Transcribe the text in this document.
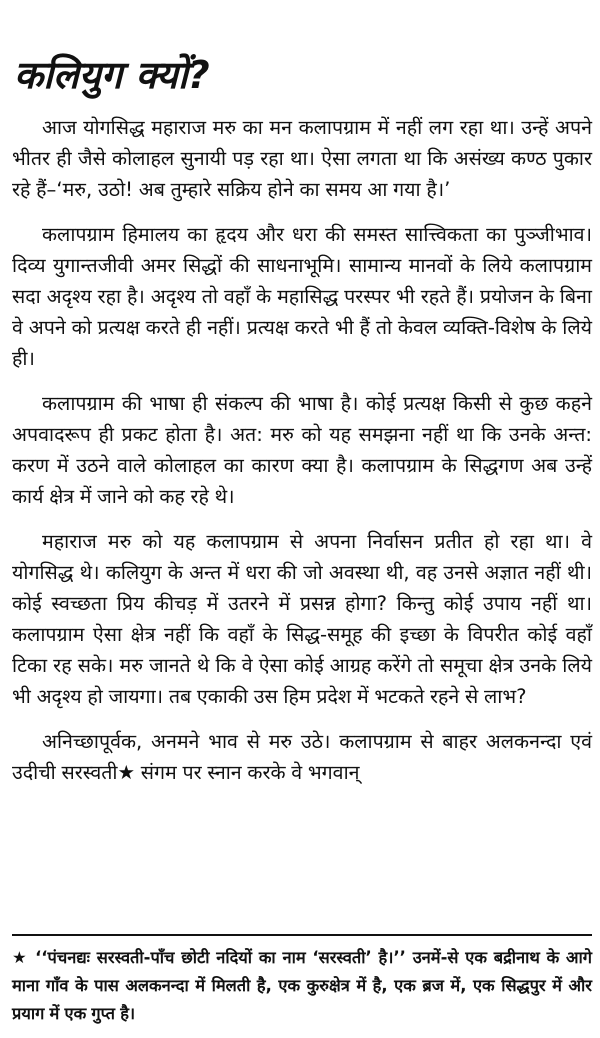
कलियुग क्यों?

आज योगसिद्ध महाराज मरु का मन कलापग्राम में नहीं लग रहा था। उन्हें अपने भीतर ही जैसे कोलाहल सुनायी पड़ रहा था। ऐसा लगता था कि असंख्य कण्ठ पुकार रहे हैं–‘मरु, उठो! अब तुम्हारे सक्रिय होने का समय आ गया है।’

कलापग्राम हिमालय का हृदय और धरा की समस्त सात्त्विकता का पुञ्जीभाव। दिव्य युगान्तजीवी अमर सिद्धों की साधनाभूमि। सामान्य मानवों के लिये कलापग्राम सदा अदृश्य रहा है। अदृश्य तो वहाँ के महासिद्ध परस्पर भी रहते हैं। प्रयोजन के बिना वे अपने को प्रत्यक्ष करते ही नहीं। प्रत्यक्ष करते भी हैं तो केवल व्यक्ति-विशेष के लिये ही।

कलापग्राम की भाषा ही संकल्प की भाषा है। कोई प्रत्यक्ष किसी से कुछ कहने अपवादरूप ही प्रकट होता है। अत: मरु को यह समझना नहीं था कि उनके अन्त: करण में उठने वाले कोलाहल का कारण क्या है। कलापग्राम के सिद्धगण अब उन्हें कार्य क्षेत्र में जाने को कह रहे थे।

महाराज मरु को यह कलापग्राम से अपना निर्वासन प्रतीत हो रहा था। वे योगसिद्ध थे। कलियुग के अन्त में धरा की जो अवस्था थी, वह उनसे अज्ञात नहीं थी। कोई स्वच्छता प्रिय कीचड़ में उतरने में प्रसन्न होगा? किन्तु कोई उपाय नहीं था। कलापग्राम ऐसा क्षेत्र नहीं कि वहाँ के सिद्ध-समूह की इच्छा के विपरीत कोई वहाँ टिका रह सके। मरु जानते थे कि वे ऐसा कोई आग्रह करेंगे तो समूचा क्षेत्र उनके लिये भी अदृश्य हो जायगा। तब एकाकी उस हिम प्रदेश में भटकते रहने से लाभ?

अनिच्छापूर्वक, अनमने भाव से मरु उठे। कलापग्राम से बाहर अलकनन्दा एवं उदीची सरस्वती★ संगम पर स्नान करके वे भगवान्

★ ‘‘पंचनद्यः सरस्वती-पाँच छोटी नदियों का नाम ‘सरस्वती’ है।’’ उनमें-से एक बद्रीनाथ के आगे माना गाँव के पास अलकनन्दा में मिलती है, एक कुरुक्षेत्र में है, एक ब्रज में, एक सिद्धपुर में और प्रयाग में एक गुप्त है।
